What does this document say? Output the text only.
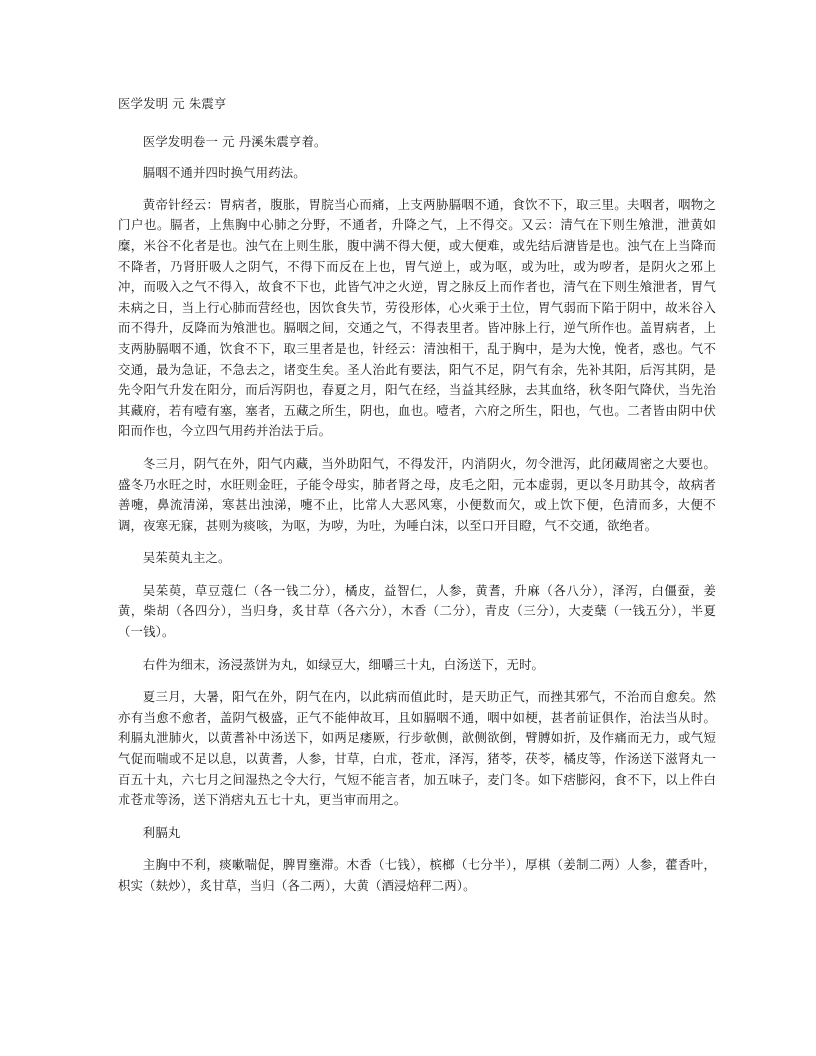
医学发明 元 朱震亨

医学发明卷一 元 丹溪朱震亨着。

膈咽不通并四时换气用药法。

黄帝针经云：胃病者，腹胀，胃脘当心而痛，上支两胁膈咽不通，食饮不下，取三里。夫咽者，咽物之门户也。膈者，上焦胸中心肺之分野，不通者，升降之气，上不得交。又云：清气在下则生飧泄，泄黄如糜，米谷不化者是也。浊气在上则生胀，腹中满不得大便，或大便难，或先结后溏皆是也。浊气在上当降而不降者，乃肾肝吸人之阴气，不得下而反在上也，胃气逆上，或为呕，或为吐，或为哕者，是阴火之邪上冲，而吸入之气不得入，故食不下也，此皆气冲之火逆，胃之脉反上而作者也，清气在下则生飧泄者，胃气未病之日，当上行心肺而营经也，因饮食失节，劳役形体，心火乘于土位，胃气弱而下陷于阴中，故米谷入而不得升，反降而为飧泄也。膈咽之间，交通之气，不得表里者。皆冲脉上行，逆气所作也。盖胃病者，上支两胁膈咽不通，饮食不下，取三里者是也，针经云：清浊相干，乱于胸中，是为大悗，悗者，惑也。气不交通，最为急证，不急去之，诸变生矣。圣人治此有要法，阳气不足，阴气有余，先补其阳，后泻其阴，是先令阳气升发在阳分，而后泻阴也，春夏之月，阳气在经，当益其经脉，去其血络，秋冬阳气降伏，当先治其藏府，若有噎有塞，塞者，五藏之所生，阴也，血也。噎者，六府之所生，阳也，气也。二者皆由阴中伏阳而作也，今立四气用药并治法于后。

冬三月，阴气在外，阳气内藏，当外助阳气，不得发汗，内消阴火，勿令泄泻，此闭藏周密之大要也。盛冬乃水旺之时，水旺则金旺，子能令母实，肺者肾之母，皮毛之阳，元本虚弱，更以冬月助其令，故病者善嚏，鼻流清涕，寒甚出浊涕，嚏不止，比常人大恶风寒，小便数而欠，或上饮下便，色清而多，大便不调，夜寒无寐，甚则为痰咳，为呕，为哕，为吐，为唾白沫，以至口开目瞪，气不交通，欲绝者。

吴茱萸丸主之。

吴茱萸，草豆蔻仁（各一钱二分），橘皮，益智仁，人参，黄耆，升麻（各八分），泽泻，白僵蚕，姜黄，柴胡（各四分），当归身，炙甘草（各六分），木香（二分），青皮（三分），大麦蘖（一钱五分），半夏（一钱）。

右件为细末，汤浸蒸饼为丸，如绿豆大，细嚼三十丸，白汤送下，无时。

夏三月，大暑，阳气在外，阴气在内，以此病而值此时，是天助正气，而挫其邪气，不治而自愈矣。然亦有当愈不愈者，盖阴气极盛，正气不能伸故耳，且如膈咽不通，咽中如梗，甚者前证俱作，治法当从时。利膈丸泄肺火，以黄耆补中汤送下，如两足痿厥，行步欹侧，歆侧欲倒，臂膊如折，及作痛而无力，或气短气促而喘或不足以息，以黄耆，人参，甘草，白朮，苍朮，泽泻，猪苓，茯苓，橘皮等，作汤送下滋肾丸一百五十丸，六七月之间湿热之令大行，气短不能言者，加五味子，麦门冬。如下痞膨闷，食不下，以上件白朮苍朮等汤，送下消痞丸五七十丸，更当审而用之。

利膈丸

主胸中不利，痰嗽喘促，脾胃壅滞。木香（七钱），槟榔（七分半），厚棋（姜制二两）人参，藿香叶，枳实（麸炒），炙甘草，当归（各二两），大黄（酒浸焙秤二两）。
